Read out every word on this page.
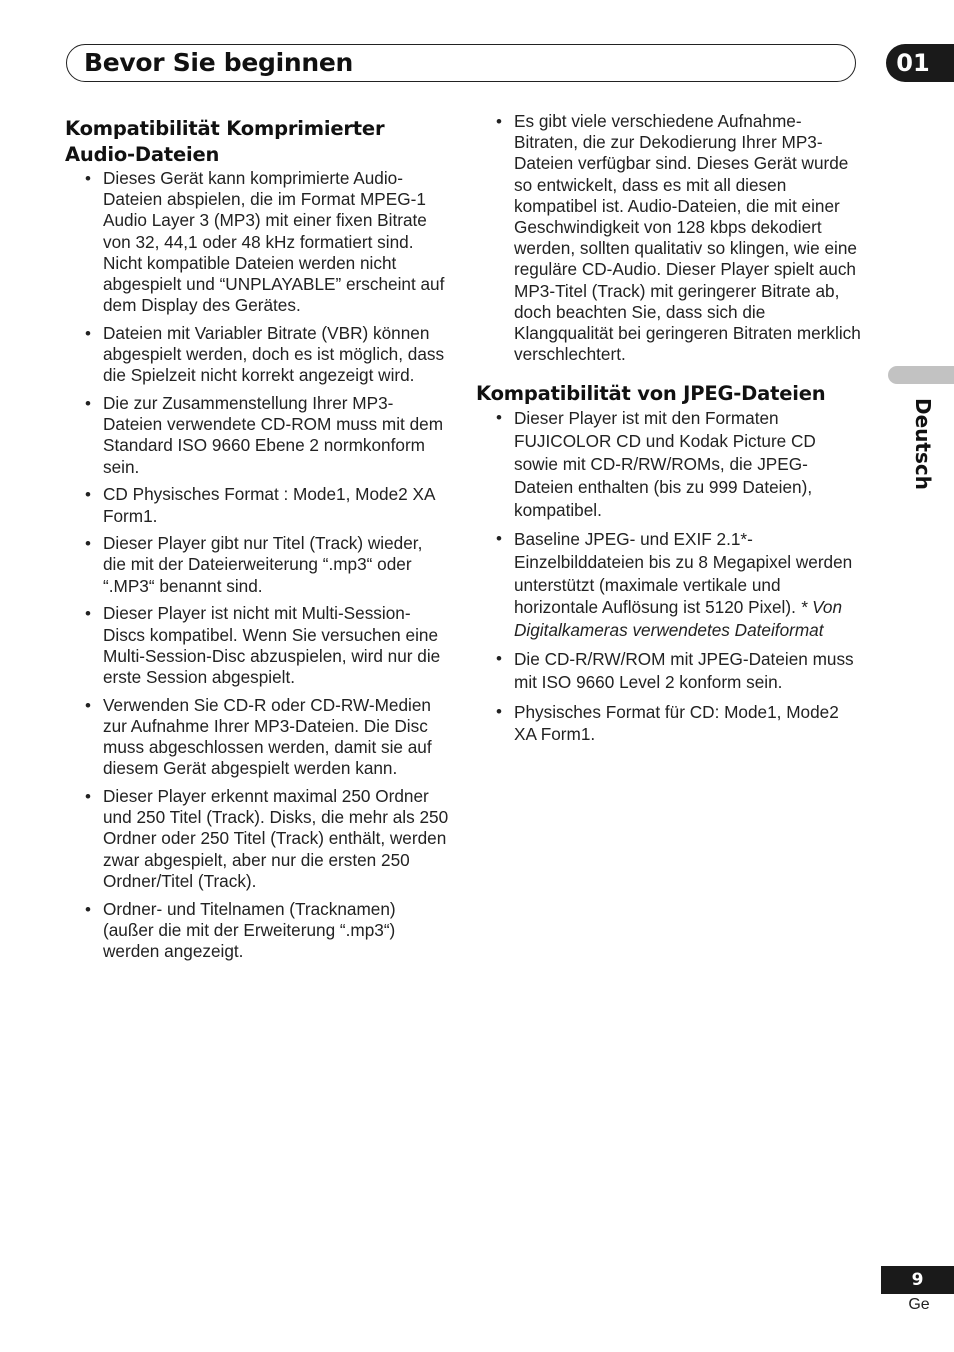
Bevor Sie beginnen	01
Deutsch
Kompatibilität Komprimierter Audio-Dateien
• Dieses Gerät kann komprimierte Audio-Dateien abspielen, die im Format MPEG-1 Audio Layer 3 (MP3) mit einer fixen Bitrate von 32, 44,1 oder 48 kHz formatiert sind. Nicht kompatible Dateien werden nicht abgespielt und “UNPLAYABLE” erscheint auf dem Display des Gerätes.
• Dateien mit Variabler Bitrate (VBR) können abgespielt werden, doch es ist möglich, dass die Spielzeit nicht korrekt angezeigt wird.
• Die zur Zusammenstellung Ihrer MP3-Dateien verwendete CD-ROM muss mit dem Standard ISO 9660 Ebene 2 normkonform sein.
• CD Physisches Format : Mode1, Mode2 XA Form1.
• Dieser Player gibt nur Titel (Track) wieder, die mit der Dateierweiterung “.mp3“ oder “.MP3“ benannt sind.
• Dieser Player ist nicht mit Multi-Session-Discs kompatibel. Wenn Sie versuchen eine Multi-Session-Disc abzuspielen, wird nur die erste Session abgespielt.
• Verwenden Sie CD-R oder CD-RW-Medien zur Aufnahme Ihrer MP3-Dateien. Die Disc muss abgeschlossen werden, damit sie auf diesem Gerät abgespielt werden kann.
• Dieser Player erkennt maximal 250 Ordner und 250 Titel (Track). Disks, die mehr als 250 Ordner oder 250 Titel (Track) enthält, werden zwar abgespielt, aber nur die ersten 250 Ordner/Titel (Track).
• Ordner- und Titelnamen (Tracknamen) (außer die mit der Erweiterung “.mp3“) werden angezeigt.
• Es gibt viele verschiedene Aufnahme-Bitraten, die zur Dekodierung Ihrer MP3-Dateien verfügbar sind. Dieses Gerät wurde so entwickelt, dass es mit all diesen kompatibel ist. Audio-Dateien, die mit einer Geschwindigkeit von 128 kbps dekodiert werden, sollten qualitativ so klingen, wie eine reguläre CD-Audio. Dieser Player spielt auch MP3-Titel (Track) mit geringerer Bitrate ab, doch beachten Sie, dass sich die Klangqualität bei geringeren Bitraten merklich verschlechtert.
Kompatibilität von JPEG-Dateien
• Dieser Player ist mit den Formaten FUJICOLOR CD und Kodak Picture CD sowie mit CD-R/RW/ROMs, die JPEG-Dateien enthalten (bis zu 999 Dateien), kompatibel.
• Baseline JPEG- und EXIF 2.1*-Einzelbilddateien bis zu 8 Megapixel werden unterstützt (maximale vertikale und horizontale Auflösung ist 5120 Pixel). * Von Digitalkameras verwendetes Dateiformat
• Die CD-R/RW/ROM mit JPEG-Dateien muss mit ISO 9660 Level 2 konform sein.
• Physisches Format für CD: Mode1, Mode2 XA Form1.
9
Ge
